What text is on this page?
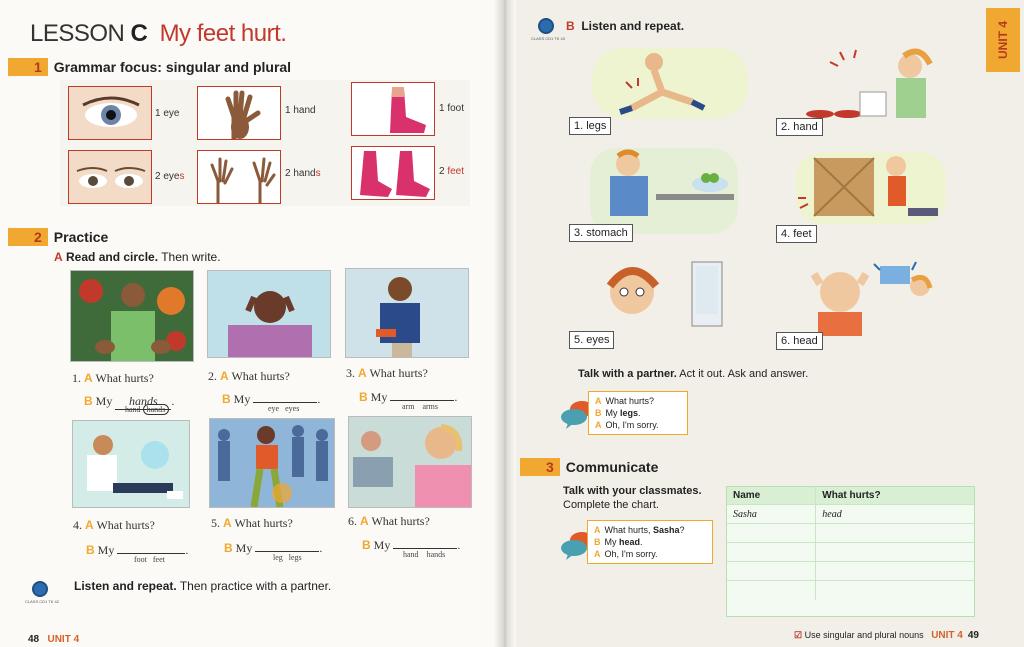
LESSON C My feet hurt.
1 Grammar focus: singular and plural
1 eye	1 hand	1 foot
2 eyes	2 hands	2 feet
2 Practice
A Read and circle. Then write.
1. A What hurts?
B My hands .
hand hands
2. A What hurts?
B My	.
eye eyes
3. A What hurts?
B My	.
arm arms
4. A What hurts?
B My	.
foot feet
5. A What hurts?
B My	.
leg legs
6. A What hurts?
B My	.
hand hands
CLASS CD1 TK 42
Listen and repeat. Then practice with a partner.
48 UNIT 4
CLASS CD1 TK 43
B Listen and repeat.	UNIT 4
1. legs	2. hand
3. stomach	4. feet
5. eyes	6. head
Talk with a partner. Act it out. Ask and answer.
A What hurts?
B My legs.
A Oh, I'm sorry.
3 Communicate
Talk with your classmates.
Complete the chart.
A What hurts, Sasha?
B My head.
A Oh, I'm sorry.
Name	What hurts?
Sasha	head

☑ Use singular and plural nouns UNIT 4 49
